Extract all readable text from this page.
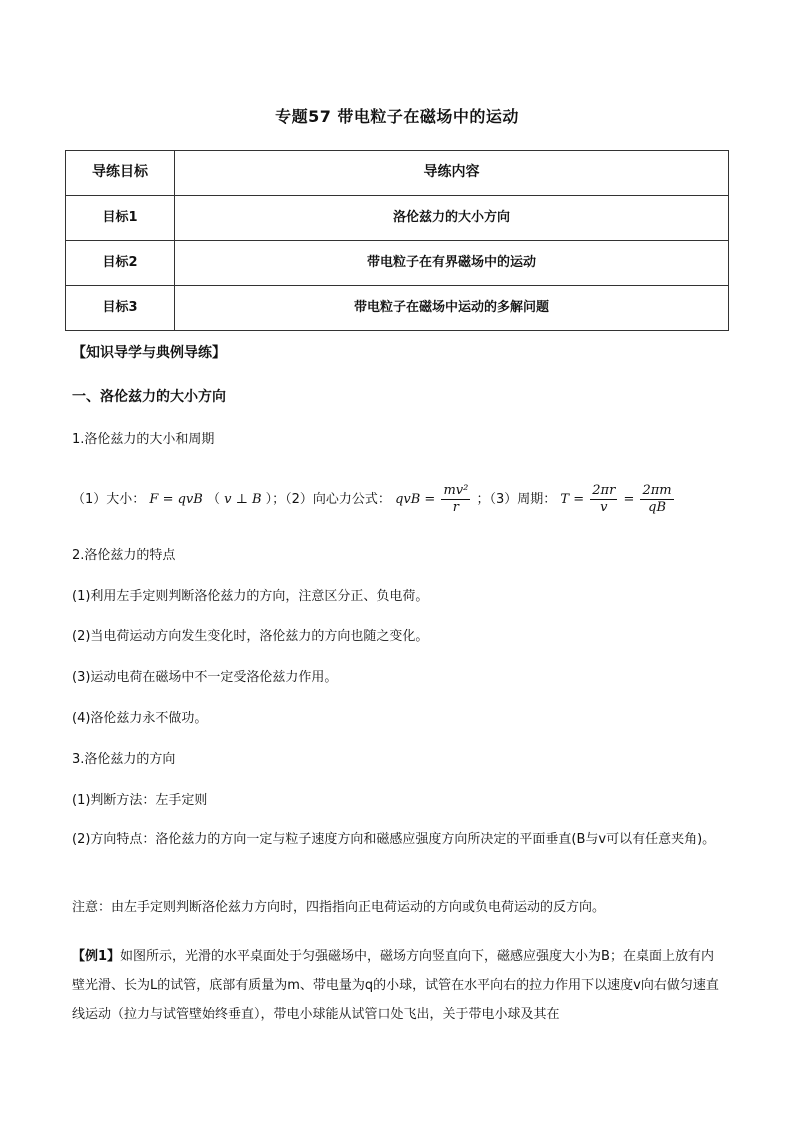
专题57 带电粒子在磁场中的运动
导练目标	导练内容

目标1	洛伦兹力的大小方向

目标2	带电粒子在有界磁场中的运动

目标3	带电粒子在磁场中运动的多解问题
【知识导学与典例导练】
一、洛伦兹力的大小方向
1.洛伦兹力的大小和周期
（1）大小： F = qvB （ v ⊥ B ）；（2）向心力公式： qvB = $\frac{\text{mv²}}{r}$ ；（3）周期： $T = \frac{2\pi r}{v} = \frac{2\pi m}{qB}$
2.洛伦兹力的特点
(1)利用左手定则判断洛伦兹力的方向，注意区分正、负电荷。
(2)当电荷运动方向发生变化时，洛伦兹力的方向也随之变化。
(3)运动电荷在磁场中不一定受洛伦兹力作用。
(4)洛伦兹力永不做功。
3.洛伦兹力的方向
(1)判断方法：左手定则
(2)方向特点：洛伦兹力的方向一定与粒子速度方向和磁感应强度方向所决定的平面垂直(B与v可以有任意夹角)。
注意：由左手定则判断洛伦兹力方向时，四指指向正电荷运动的方向或负电荷运动的反方向。
【例1】如图所示，光滑的水平桌面处于匀强磁场中，磁场方向竖直向下，磁感应强度大小为B；在桌面上放有内壁光滑、长为L的试管，底部有质量为m、带电量为q的小球，试管在水平向右的拉力作用下以速度v向右做匀速直线运动（拉力与试管壁始终垂直），带电小球能从试管口处飞出，关于带电小球及其在
